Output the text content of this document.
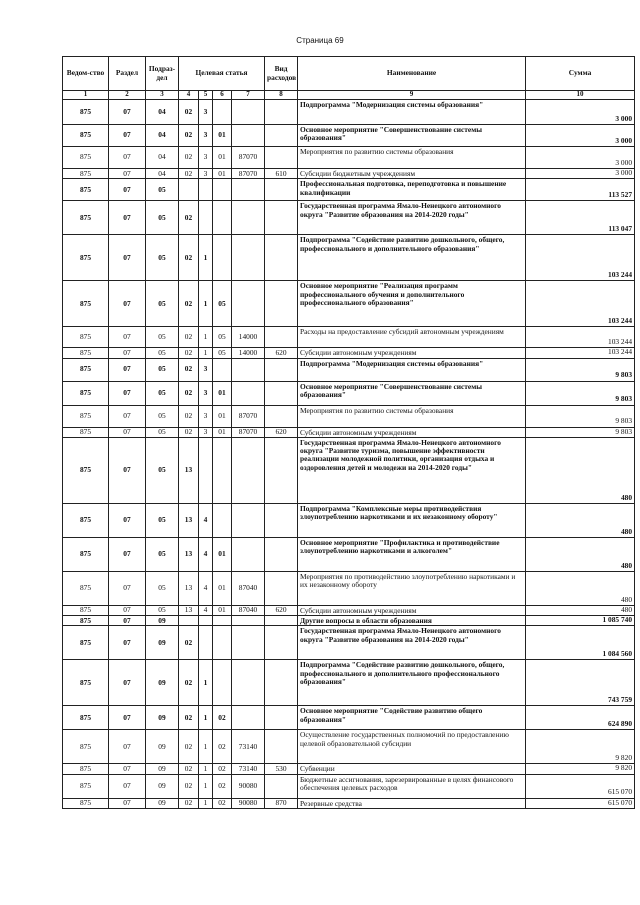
Страница 69
Ведом-ство	Раздел	Подраз-дел	Целевая статья				Вид расходов	Наименование	Сумма
1	2	3	4	5	6	7	8	9	10
875	07	04	02	3				Подпрограмма "Модернизация системы образования"	3 000
875	07	04	02	3	01			Основное мероприятие "Совершенствование системы образования"	3 000
875	07	04	02	3	01	87070		Мероприятия по развитию системы образования	3 000
875	07	04	02	3	01	87070	610	Субсидии бюджетным учреждениям	3 000
875	07	05						Профессиональная подготовка, переподготовка и повышение квалификации	113 527
875	07	05	02					Государственная программа Ямало-Ненецкого автономного округа "Развитие образования на 2014-2020 годы"	113 047
875	07	05	02	1				Подпрограмма "Содействие развитию дошкольного, общего, профессионального и дополнительного образования"	103 244
875	07	05	02	1	05			Основное мероприятие "Реализация программ профессионального обучения и дополнительного профессионального образования"	103 244
875	07	05	02	1	05	14000		Расходы на предоставление субсидий автономным учреждениям	103 244
875	07	05	02	1	05	14000	620	Субсидии автономным учреждениям	103 244
875	07	05	02	3				Подпрограмма "Модернизация системы образования"	9 803
875	07	05	02	3	01			Основное мероприятие "Совершенствование системы образования"	9 803
875	07	05	02	3	01	87070		Мероприятия по развитию системы образования	9 803
875	07	05	02	3	01	87070	620	Субсидии автономным учреждениям	9 803
875	07	05	13					Государственная программа Ямало-Ненецкого автономного округа "Развитие туризма, повышение эффективности реализации молодежной политики, организация отдыха и оздоровления детей и молодежи на 2014-2020 годы"	480
875	07	05	13	4				Подпрограмма "Комплексные меры противодействия злоупотреблению наркотиками и их незаконному обороту"	480
875	07	05	13	4	01			Основное мероприятие "Профилактика и противодействие злоупотреблению наркотиками и алкоголем"	480
875	07	05	13	4	01	87040		Мероприятия по противодействию злоупотреблению наркотиками и их незаконному обороту	480
875	07	05	13	4	01	87040	620	Субсидии автономным учреждениям	480
875	07	09						Другие вопросы в области образования	1 085 740
875	07	09	02					Государственная программа Ямало-Ненецкого автономного округа "Развитие образования на 2014-2020 годы"	1 084 560
875	07	09	02	1				Подпрограмма "Содействие развитию дошкольного, общего, профессионального и дополнительного профессионального образования"	743 759
875	07	09	02	1	02			Основное мероприятие "Содействие развитию общего образования"	624 890
875	07	09	02	1	02	73140		Осуществление государственных полномочий по предоставлению целевой образовательной субсидии	9 820
875	07	09	02	1	02	73140	530	Субвенции	9 820
875	07	09	02	1	02	90080		Бюджетные ассигнования, зарезервированные в целях финансового обеспечения целевых расходов	615 070
875	07	09	02	1	02	90080	870	Резервные средства	615 070
